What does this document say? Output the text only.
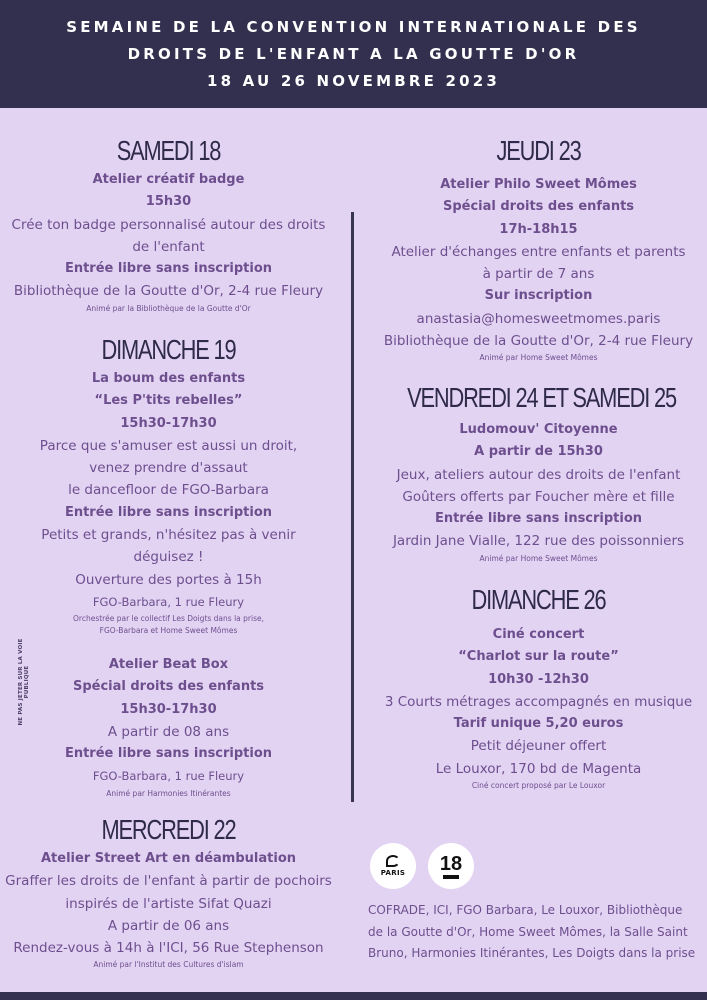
SEMAINE DE LA CONVENTION INTERNATIONALE DES
DROITS DE L'ENFANT A LA GOUTTE D'OR
18 AU 26 NOVEMBRE 2023
NE PAS JETER SUR LA VOIE PUBLIQUE
SAMEDI 18
Atelier créatif badge
15h30
Crée ton badge personnalisé autour des droits
de l'enfant
Entrée libre sans inscription
Bibliothèque de la Goutte d'Or, 2-4 rue Fleury
Animé par la Bibliothèque de la Goutte d'Or
DIMANCHE 19
La boum des enfants
“Les P'tits rebelles”
15h30-17h30
Parce que s'amuser est aussi un droit,
venez prendre d'assaut
le dancefloor de FGO-Barbara
Entrée libre sans inscription
Petits et grands, n'hésitez pas à venir
déguisez !
Ouverture des portes à 15h
FGO-Barbara, 1 rue Fleury
Orchestrée par le collectif Les Doigts dans la prise,
FGO-Barbara et Home Sweet Mômes
Atelier Beat Box
Spécial droits des enfants
15h30-17h30
A partir de 08 ans
Entrée libre sans inscription
FGO-Barbara, 1 rue Fleury
Animé par Harmonies Itinérantes
MERCREDI 22
Atelier Street Art en déambulation
Graffer les droits de l'enfant à partir de pochoirs
inspirés de l'artiste Sifat Quazi
A partir de 06 ans
Rendez-vous à 14h à l'ICI, 56 Rue Stephenson
Animé par l'Institut des Cultures d'islam
JEUDI 23
Atelier Philo Sweet Mômes
Spécial droits des enfants
17h-18h15
Atelier d'échanges entre enfants et parents
à partir de 7 ans
Sur inscription
anastasia@homesweetmomes.paris
Bibliothèque de la Goutte d'Or, 2-4 rue Fleury
Animé par Home Sweet Mômes
VENDREDI 24 ET SAMEDI 25
Ludomouv' Citoyenne
A partir de 15h30
Jeux, ateliers autour des droits de l'enfant
Goûters offerts par Foucher mère et fille
Entrée libre sans inscription
Jardin Jane Vialle, 122 rue des poissonniers
Animé par Home Sweet Mômes
DIMANCHE 26
Ciné concert
“Charlot sur la route”
10h30 -12h30
3 Courts métrages accompagnés en musique
Tarif unique 5,20 euros
Petit déjeuner offert
Le Louxor, 170 bd de Magenta
Ciné concert proposé par Le Louxor
PARIS 18
COFRADE, ICI, FGO Barbara, Le Louxor, Bibliothèque
de la Goutte d'Or, Home Sweet Mômes, la Salle Saint
Bruno, Harmonies Itinérantes, Les Doigts dans la prise
